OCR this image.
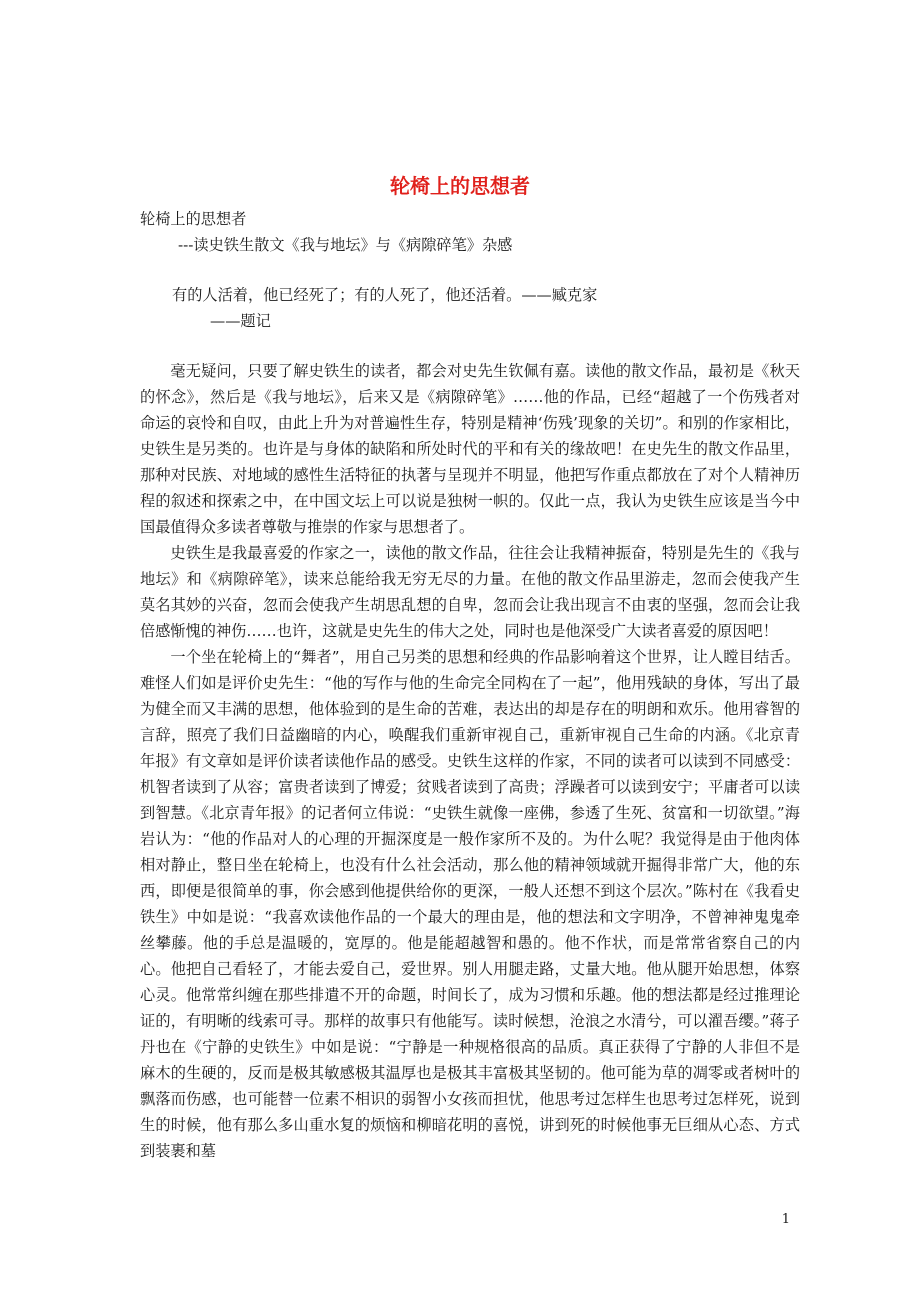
轮椅上的思想者

轮椅上的思想者

---读史铁生散文《我与地坛》与《病隙碎笔》杂感

有的人活着，他已经死了；有的人死了，他还活着。——臧克家

——题记

毫无疑问，只要了解史铁生的读者，都会对史先生钦佩有嘉。读他的散文作品，最初是《秋天的怀念》，然后是《我与地坛》，后来又是《病隙碎笔》……他的作品，已经“超越了一个伤残者对命运的哀怜和自叹，由此上升为对普遍性生存，特别是精神‘伤残’现象的关切”。和别的作家相比，史铁生是另类的。也许是与身体的缺陷和所处时代的平和有关的缘故吧！在史先生的散文作品里，那种对民族、对地域的感性生活特征的执著与呈现并不明显，他把写作重点都放在了对个人精神历程的叙述和探索之中，在中国文坛上可以说是独树一帜的。仅此一点，我认为史铁生应该是当今中国最值得众多读者尊敬与推崇的作家与思想者了。

史铁生是我最喜爱的作家之一，读他的散文作品，往往会让我精神振奋，特别是先生的《我与地坛》和《病隙碎笔》，读来总能给我无穷无尽的力量。在他的散文作品里游走，忽而会使我产生莫名其妙的兴奋，忽而会使我产生胡思乱想的自卑，忽而会让我出现言不由衷的坚强，忽而会让我倍感惭愧的神伤……也许，这就是史先生的伟大之处，同时也是他深受广大读者喜爱的原因吧！

一个坐在轮椅上的“舞者”，用自己另类的思想和经典的作品影响着这个世界，让人瞠目结舌。难怪人们如是评价史先生：“他的写作与他的生命完全同构在了一起”，他用残缺的身体，写出了最为健全而又丰满的思想，他体验到的是生命的苦难，表达出的却是存在的明朗和欢乐。他用睿智的言辞，照亮了我们日益幽暗的内心，唤醒我们重新审视自己，重新审视自己生命的内涵。《北京青年报》有文章如是评价读者读他作品的感受。史铁生这样的作家，不同的读者可以读到不同感受：机智者读到了从容；富贵者读到了博爱；贫贱者读到了高贵；浮躁者可以读到安宁；平庸者可以读到智慧。《北京青年报》的记者何立伟说：“史铁生就像一座佛，参透了生死、贫富和一切欲望。”海岩认为：“他的作品对人的心理的开掘深度是一般作家所不及的。为什么呢？我觉得是由于他肉体相对静止，整日坐在轮椅上，也没有什么社会活动，那么他的精神领域就开掘得非常广大，他的东西，即便是很简单的事，你会感到他提供给你的更深，一般人还想不到这个层次。”陈村在《我看史铁生》中如是说：“我喜欢读他作品的一个最大的理由是，他的想法和文字明净，不曾神神鬼鬼牵丝攀藤。他的手总是温暖的，宽厚的。他是能超越智和愚的。他不作状，而是常常省察自己的内心。他把自己看轻了，才能去爱自己，爱世界。别人用腿走路，丈量大地。他从腿开始思想，体察心灵。他常常纠缠在那些排遣不开的命题，时间长了，成为习惯和乐趣。他的想法都是经过推理论证的，有明晰的线索可寻。那样的故事只有他能写。读时候想，沧浪之水清兮，可以濯吾缨。”蒋子丹也在《宁静的史铁生》中如是说：“宁静是一种规格很高的品质。真正获得了宁静的人非但不是麻木的生硬的，反而是极其敏感极其温厚也是极其丰富极其坚韧的。他可能为草的凋零或者树叶的飘落而伤感，也可能替一位素不相识的弱智小女孩而担忧，他思考过怎样生也思考过怎样死，说到生的时候，他有那么多山重水复的烦恼和柳暗花明的喜悦，讲到死的时候他事无巨细从心态、方式到装裹和墓

1
